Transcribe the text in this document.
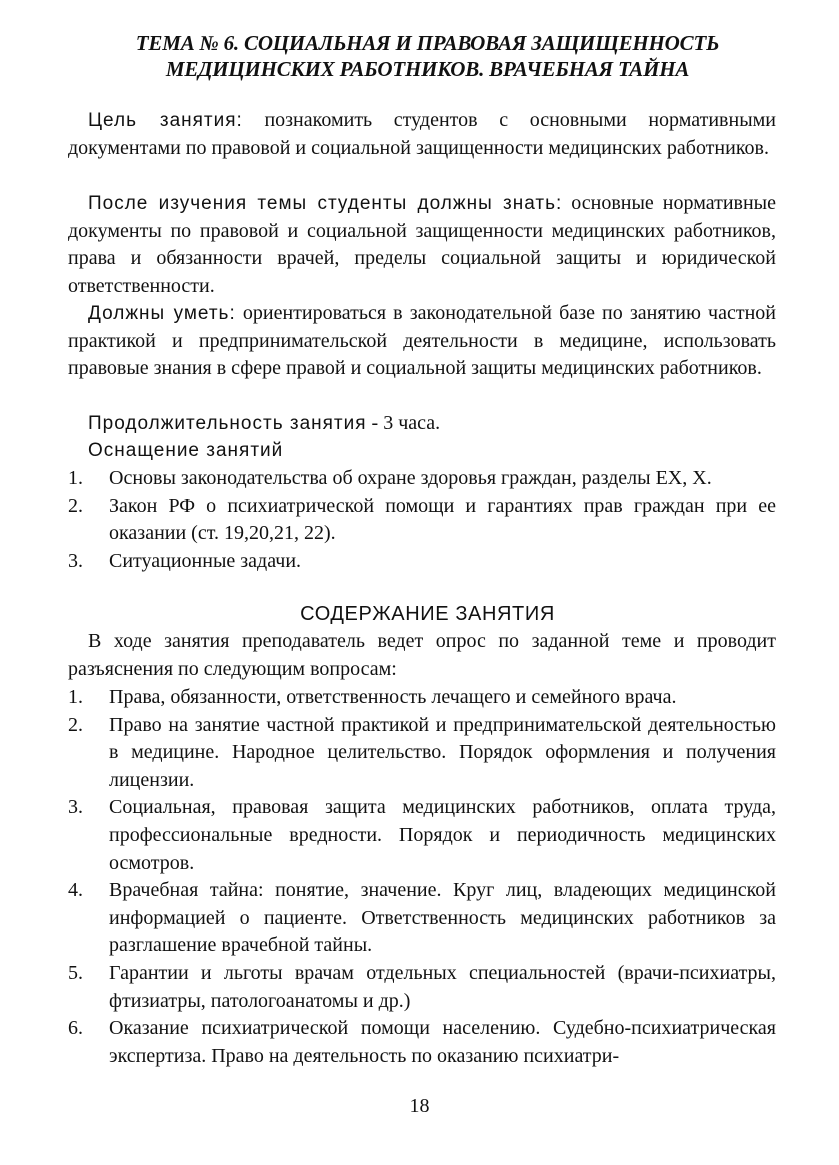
ТЕМА № 6. СОЦИАЛЬНАЯ И ПРАВОВАЯ ЗАЩИЩЕННОСТЬ
МЕДИЦИНСКИХ РАБОТНИКОВ. ВРАЧЕБНАЯ ТАЙНА

Цель занятия: познакомить студентов с основными нормативными документами по правовой и социальной защищенности медицинских работников.

После изучения темы студенты должны знать: основные нормативные документы по правовой и социальной защищенности медицинских работников, права и обязанности врачей, пределы социальной защиты и юридической ответственности.

Должны уметь: ориентироваться в законодательной базе по занятию частной практикой и предпринимательской деятельности в медицине, использовать правовые знания в сфере правой и социальной защиты медицинских работников.

Продолжительность занятия - 3 часа.
Оснащение занятий
1. Основы законодательства об охране здоровья граждан, разделы ЕХ, Х.
2. Закон РФ о психиатрической помощи и гарантиях прав граждан при ее оказании (ст. 19,20,21, 22).
3. Ситуационные задачи.
СОДЕРЖАНИЕ ЗАНЯТИЯ

В ходе занятия преподаватель ведет опрос по заданной теме и проводит разъяснения по следующим вопросам:

1. Права, обязанности, ответственность лечащего и семейного врача.
2. Право на занятие частной практикой и предпринимательской деятельностью в медицине. Народное целительство. Порядок оформления и получения лицензии.
3. Социальная, правовая защита медицинских работников, оплата труда, профессиональные вредности. Порядок и периодичность медицинских осмотров.
4. Врачебная тайна: понятие, значение. Круг лиц, владеющих медицинской информацией о пациенте. Ответственность медицинских работников за разглашение врачебной тайны.
5. Гарантии и льготы врачам отдельных специальностей (врачи-психиатры, фтизиатры, патологоанатомы и др.)
6. Оказание психиатрической помощи населению. Судебно-психиатрическая экспертиза. Право на деятельность по оказанию психиатри-
18
